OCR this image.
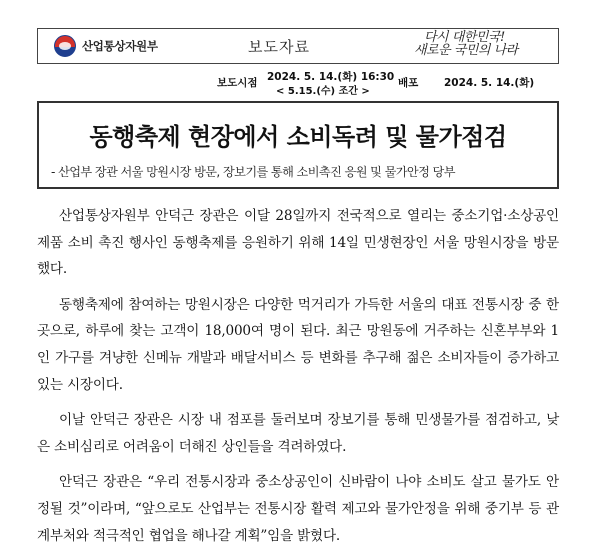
산업통상자원부	보도자료
다시 대한민국!
새로운 국민의 나라
보도시점 2024. 5. 14.(화) 16:30
< 5.15.(수) 조간 >
배포 2024. 5. 14.(화)
동행축제 현장에서 소비독려 및 물가점검
- 산업부 장관 서울 망원시장 방문, 장보기를 통해 소비촉진 응원 및 물가안정 당부

산업통상자원부 안덕근 장관은 이달 28일까지 전국적으로 열리는 중소기업·소상공인 제품 소비 촉진 행사인 동행축제를 응원하기 위해 14일 민생현장인 서울 망원시장을 방문했다.

동행축제에 참여하는 망원시장은 다양한 먹거리가 가득한 서울의 대표 전통시장 중 한 곳으로, 하루에 찾는 고객이 18,000여 명이 된다. 최근 망원동에 거주하는 신혼부부와 1인 가구를 겨냥한 신메뉴 개발과 배달서비스 등 변화를 추구해 젊은 소비자들이 증가하고 있는 시장이다.

이날 안덕근 장관은 시장 내 점포를 둘러보며 장보기를 통해 민생물가를 점검하고, 낮은 소비심리로 어려움이 더해진 상인들을 격려하였다.

안덕근 장관은 “우리 전통시장과 중소상공인이 신바람이 나야 소비도 살고 물가도 안정될 것”이라며, “앞으로도 산업부는 전통시장 활력 제고와 물가안정을 위해 중기부 등 관계부처와 적극적인 협업을 해나갈 계획”임을 밝혔다.
